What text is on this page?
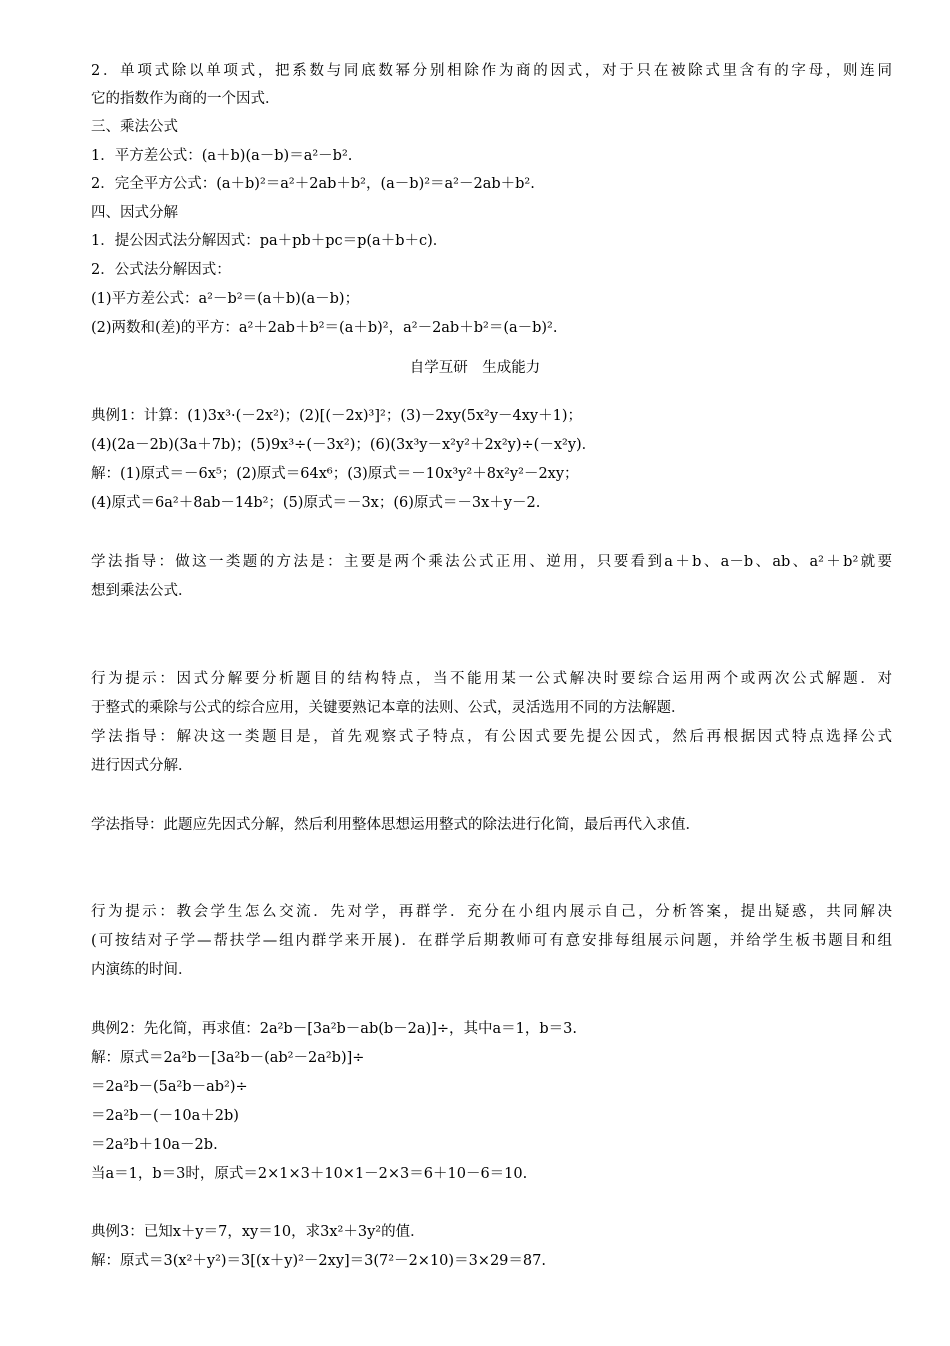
2．单项式除以单项式，把系数与同底数幂分别相除作为商的因式，对于只在被除式里含有的字母，则连同
它的指数作为商的一个因式．
三、乘法公式
1．平方差公式：(a＋b)(a－b)＝a²－b².
2．完全平方公式：(a＋b)²＝a²＋2ab＋b²，(a－b)²＝a²－2ab＋b².
四、因式分解
1．提公因式法分解因式：pa＋pb＋pc＝p(a＋b＋c)．
2．公式法分解因式：
(1)平方差公式：a²－b²＝(a＋b)(a－b)；
(2)两数和(差)的平方：a²＋2ab＋b²＝(a＋b)²，a²－2ab＋b²＝(a－b)².
典例1：计算：(1)3x³·(－2x²)；(2)[(－2x)³]²；(3)－2xy(5x²y－4xy＋1)；
(4)(2a－2b)(3a＋7b)；(5)9x³÷(－3x²)；(6)(3x³y－x²y²＋2x²y)÷(－x²y)．
解：(1)原式＝－6x⁵；(2)原式＝64x⁶；(3)原式＝－10x³y²＋8x²y²－2xy；
(4)原式＝6a²＋8ab－14b²；(5)原式＝－3x；(6)原式＝－3x＋y－2.
学法指导：做这一类题的方法是：主要是两个乘法公式正用、逆用，只要看到a＋b、a－b、ab、a²＋b²就要
想到乘法公式．
行为提示：因式分解要分析题目的结构特点，当不能用某一公式解决时要综合运用两个或两次公式解题．对
于整式的乘除与公式的综合应用，关键要熟记本章的法则、公式，灵活选用不同的方法解题．
学法指导：解决这一类题目是，首先观察式子特点，有公因式要先提公因式，然后再根据因式特点选择公式
进行因式分解．
学法指导：此题应先因式分解，然后利用整体思想运用整式的除法进行化简，最后再代入求值．
行为提示：教会学生怎么交流．先对学，再群学．充分在小组内展示自己，分析答案，提出疑惑，共同解决
(可按结对子学—帮扶学—组内群学来开展)．在群学后期教师可有意安排每组展示问题，并给学生板书题目和组
内演练的时间．
典例2：先化简，再求值：2a²b－[3a²b－ab(b－2a)]÷，其中a＝1，b＝3.
解：原式＝2a²b－[3a²b－(ab²－2a²b)]÷
＝2a²b－(5a²b－ab²)÷
＝2a²b－(－10a＋2b)
＝2a²b＋10a－2b.
当a＝1，b＝3时，原式＝2×1×3＋10×1－2×3＝6＋10－6＝10.
典例3：已知x＋y＝7，xy＝10，求3x²＋3y²的值．
解：原式＝3(x²＋y²)＝3[(x＋y)²－2xy]＝3(7²－2×10)＝3×29＝87.
自学互研　生成能力
